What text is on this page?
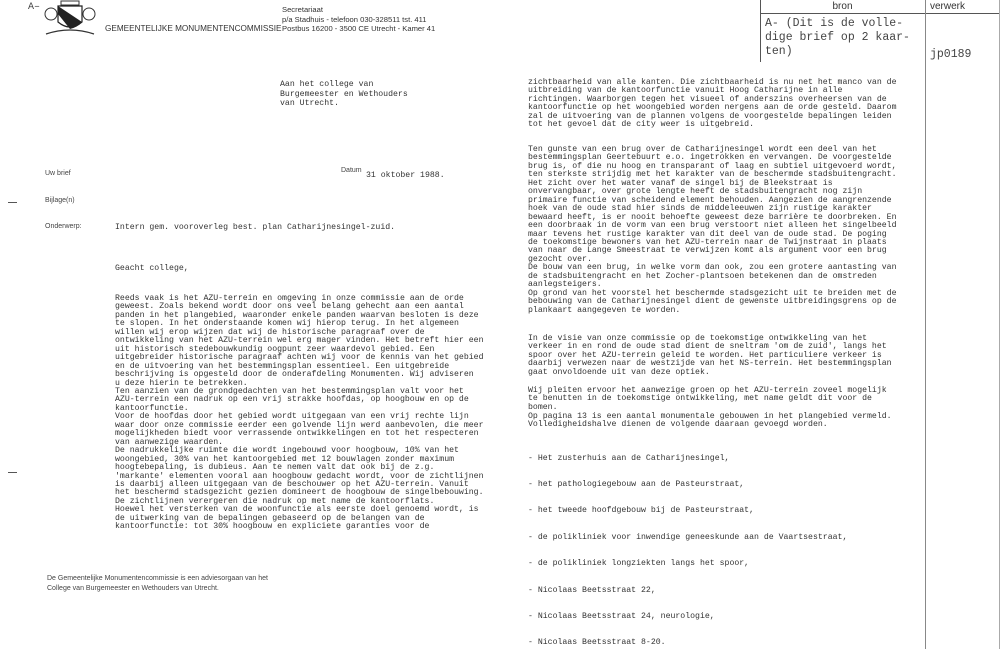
A–
GEMEENTELIJKE MONUMENTENCOMMISSIE
Secretariaat
p/a Stadhuis - telefoon 030-328511 tst. 411
Postbus 16200 - 3500 CE Utrecht - Kamer 41
bron	verwerk
A- (Dit is de volle-
dige brief op 2 kaar-
ten)	jp0189
Aan het college van
Burgemeester en Wethouders
van Utrecht.
Uw brief	Datum
31 oktober 1988.
Bijlage(n)
Onderwerp:	Intern gem. vooroverleg best. plan Catharijnesingel-zuid.
Geacht college,
Reeds vaak is het AZU-terrein en omgeving in onze commissie aan de orde
geweest. Zoals bekend wordt door ons veel belang gehecht aan een aantal
panden in het plangebied, waaronder enkele panden waarvan besloten is deze
te slopen. In het onderstaande komen wij hierop terug. In het algemeen
willen wij erop wijzen dat wij de historische paragraaf over de
ontwikkeling van het AZU-terrein wel erg mager vinden. Het betreft hier een
uit historisch stedebouwkundig oogpunt zeer waardevol gebied. Een
uitgebreider historische paragraaf achten wij voor de kennis van het gebied
en de uitvoering van het bestemmingsplan essentieel. Een uitgebreide
beschrijving is opgesteld door de onderafdeling Monumenten. Wij adviseren
u deze hierin te betrekken.
Ten aanzien van de grondgedachten van het bestemmingsplan valt voor het
AZU-terrein een nadruk op een vrij strakke hoofdas, op hoogbouw en op de
kantoorfunctie.
Voor de hoofdas door het gebied wordt uitgegaan van een vrij rechte lijn
waar door onze commissie eerder een golvende lijn werd aanbevolen, die meer
mogelijkheden biedt voor verrassende ontwikkelingen en tot het respecteren
van aanwezige waarden.
De nadrukkelijke ruimte die wordt ingebouwd voor hoogbouw, 10% van het
woongebied, 30% van het kantoorgebied met 12 bouwlagen zonder maximum
hoogtebepaling, is dubieus. Aan te nemen valt dat ook bij de z.g.
'markante' elementen vooral aan hoogbouw gedacht wordt, voor de zichtlijnen
is daarbij alleen uitgegaan van de beschouwer op het AZU-terrein. Vanuit
het beschermd stadsgezicht gezien domineert de hoogbouw de singelbebouwing.
De zichtlijnen verergeren die nadruk op met name de kantoorflats.
Hoewel het versterken van de woonfunctie als eerste doel genoemd wordt, is
de uitwerking van de bepalingen gebaseerd op de belangen van de
kantoorfunctie: tot 30% hoogbouw en expliciete garanties voor de
De Gemeentelijke Monumentencommissie is een adviesorgaan van het
College van Burgemeester en Wethouders van Utrecht.
zichtbaarheid van alle kanten. Die zichtbaarheid is nu net het manco van de
uitbreiding van de kantoorfunctie vanuit Hoog Catharijne in alle
richtingen. Waarborgen tegen het visueel of anderszins overheersen van de
kantoorfunctie op het woongebied worden nergens aan de orde gesteld. Daarom
zal de uitvoering van de plannen volgens de voorgestelde bepalingen leiden
tot het gevoel dat de city weer is uitgebreid.
Ten gunste van een brug over de Catharijnesingel wordt een deel van het
bestemmingsplan Geertebuurt e.o. ingetrokken en vervangen. De voorgestelde
brug is, of die nu hoog en transparant of laag en subtiel uitgevoerd wordt,
ten sterkste strijdig met het karakter van de beschermde stadsbuitengracht.
Het zicht over het water vanaf de singel bij de Bleekstraat is
onvervangbaar, over grote lengte heeft de stadsbuitengracht nog zijn
primaire functie van scheidend element behouden. Aangezien de aangrenzende
hoek van de oude stad hier sinds de middeleeuwen zijn rustige karakter
bewaard heeft, is er nooit behoefte geweest deze barrière te doorbreken. En
een doorbraak in de vorm van een brug verstoort niet alleen het singelbeeld
maar tevens het rustige karakter van dit deel van de oude stad. De poging
de toekomstige bewoners van het AZU-terrein naar de Twijnstraat in plaats
van naar de Lange Smeestraat te verwijzen komt als argument voor een brug
gezocht over.
De bouw van een brug, in welke vorm dan ook, zou een grotere aantasting van
de stadsbuitengracht en het Zocher-plantsoen betekenen dan de omstreden
aanlegsteigers.
Op grond van het voorstel het beschermde stadsgezicht uit te breiden met de
bebouwing van de Catharijnesingel dient de gewenste uitbreidingsgrens op de
plankaart aangegeven te worden.
In de visie van onze commissie op de toekomstige ontwikkeling van het
verkeer in en rond de oude stad dient de sneltram 'om de zuid', langs het
spoor over het AZU-terrein geleid te worden. Het particuliere verkeer is
daarbij verwezen naar de westzijde van het NS-terrein. Het bestemmingsplan
gaat onvoldoende uit van deze optiek.
Wij pleiten ervoor het aanwezige groen op het AZU-terrein zoveel mogelijk
te benutten in de toekomstige ontwikkeling, met name geldt dit voor de
bomen.
Op pagina 13 is een aantal monumentale gebouwen in het plangebied vermeld.
Volledigheidshalve dienen de volgende daaraan gevoegd worden.

- Het zusterhuis aan de Catharijnesingel,

- het pathologiegebouw aan de Pasteurstraat,

- het tweede hoofdgebouw bij de Pasteurstraat,

- de polikliniek voor inwendige geneeskunde aan de Vaartsestraat,

- de polikliniek longziekten langs het spoor,

- Nicolaas Beetsstraat 22,

- Nicolaas Beetsstraat 24, neurologie,

- Nicolaas Beetsstraat 8-20.
